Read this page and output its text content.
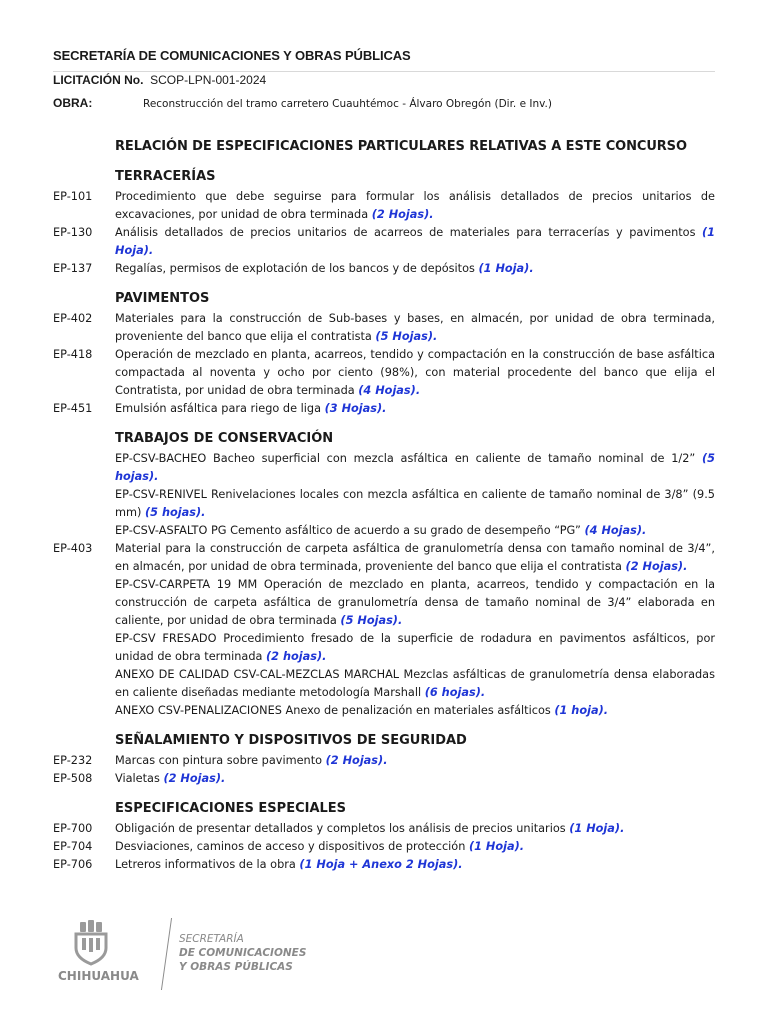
SECRETARÍA DE COMUNICACIONES Y OBRAS PÚBLICAS
LICITACIÓN No. SCOP-LPN-001-2024
OBRA:	Reconstrucción del tramo carretero Cuauhtémoc - Álvaro Obregón (Dir. e Inv.)
RELACIÓN DE ESPECIFICACIONES PARTICULARES RELATIVAS A ESTE CONCURSO
TERRACERÍAS
EP-101	Procedimiento que debe seguirse para formular los análisis detallados de precios unitarios de excavaciones, por unidad de obra terminada (2 Hojas).
EP-130	Análisis detallados de precios unitarios de acarreos de materiales para terracerías y pavimentos (1 Hoja).
EP-137	Regalías, permisos de explotación de los bancos y de depósitos (1 Hoja).
PAVIMENTOS
EP-402	Materiales para la construcción de Sub-bases y bases, en almacén, por unidad de obra terminada, proveniente del banco que elija el contratista (5 Hojas).
EP-418	Operación de mezclado en planta, acarreos, tendido y compactación en la construcción de base asfáltica compactada al noventa y ocho por ciento (98%), con material procedente del banco que elija el Contratista, por unidad de obra terminada (4 Hojas).
EP-451	Emulsión asfáltica para riego de liga (3 Hojas).
TRABAJOS DE CONSERVACIÓN
EP-CSV-BACHEO Bacheo superficial con mezcla asfáltica en caliente de tamaño nominal de 1/2” (5 hojas).
EP-CSV-RENIVEL Renivelaciones locales con mezcla asfáltica en caliente de tamaño nominal de 3/8” (9.5 mm) (5 hojas).
EP-CSV-ASFALTO PG Cemento asfáltico de acuerdo a su grado de desempeño “PG” (4 Hojas).
EP-403	Material para la construcción de carpeta asfáltica de granulometría densa con tamaño nominal de 3/4”, en almacén, por unidad de obra terminada, proveniente del banco que elija el contratista (2 Hojas).
EP-CSV-CARPETA 19 MM Operación de mezclado en planta, acarreos, tendido y compactación en la construcción de carpeta asfáltica de granulometría densa de tamaño nominal de 3/4” elaborada en caliente, por unidad de obra terminada (5 Hojas).
EP-CSV FRESADO Procedimiento fresado de la superficie de rodadura en pavimentos asfálticos, por unidad de obra terminada (2 hojas).
ANEXO DE CALIDAD CSV-CAL-MEZCLAS MARCHAL Mezclas asfálticas de granulometría densa elaboradas en caliente diseñadas mediante metodología Marshall (6 hojas).
ANEXO CSV-PENALIZACIONES Anexo de penalización en materiales asfálticos (1 hoja).
SEÑALAMIENTO Y DISPOSITIVOS DE SEGURIDAD
EP-232	Marcas con pintura sobre pavimento (2 Hojas).
EP-508	Vialetas (2 Hojas).
ESPECIFICACIONES ESPECIALES
EP-700	Obligación de presentar detallados y completos los análisis de precios unitarios (1 Hoja).
EP-704	Desviaciones, caminos de acceso y dispositivos de protección (1 Hoja).
EP-706	Letreros informativos de la obra (1 Hoja + Anexo 2 Hojas).
CHIHUAHUA
SECRETARÍA
DE COMUNICACIONES
Y OBRAS PÚBLICAS
